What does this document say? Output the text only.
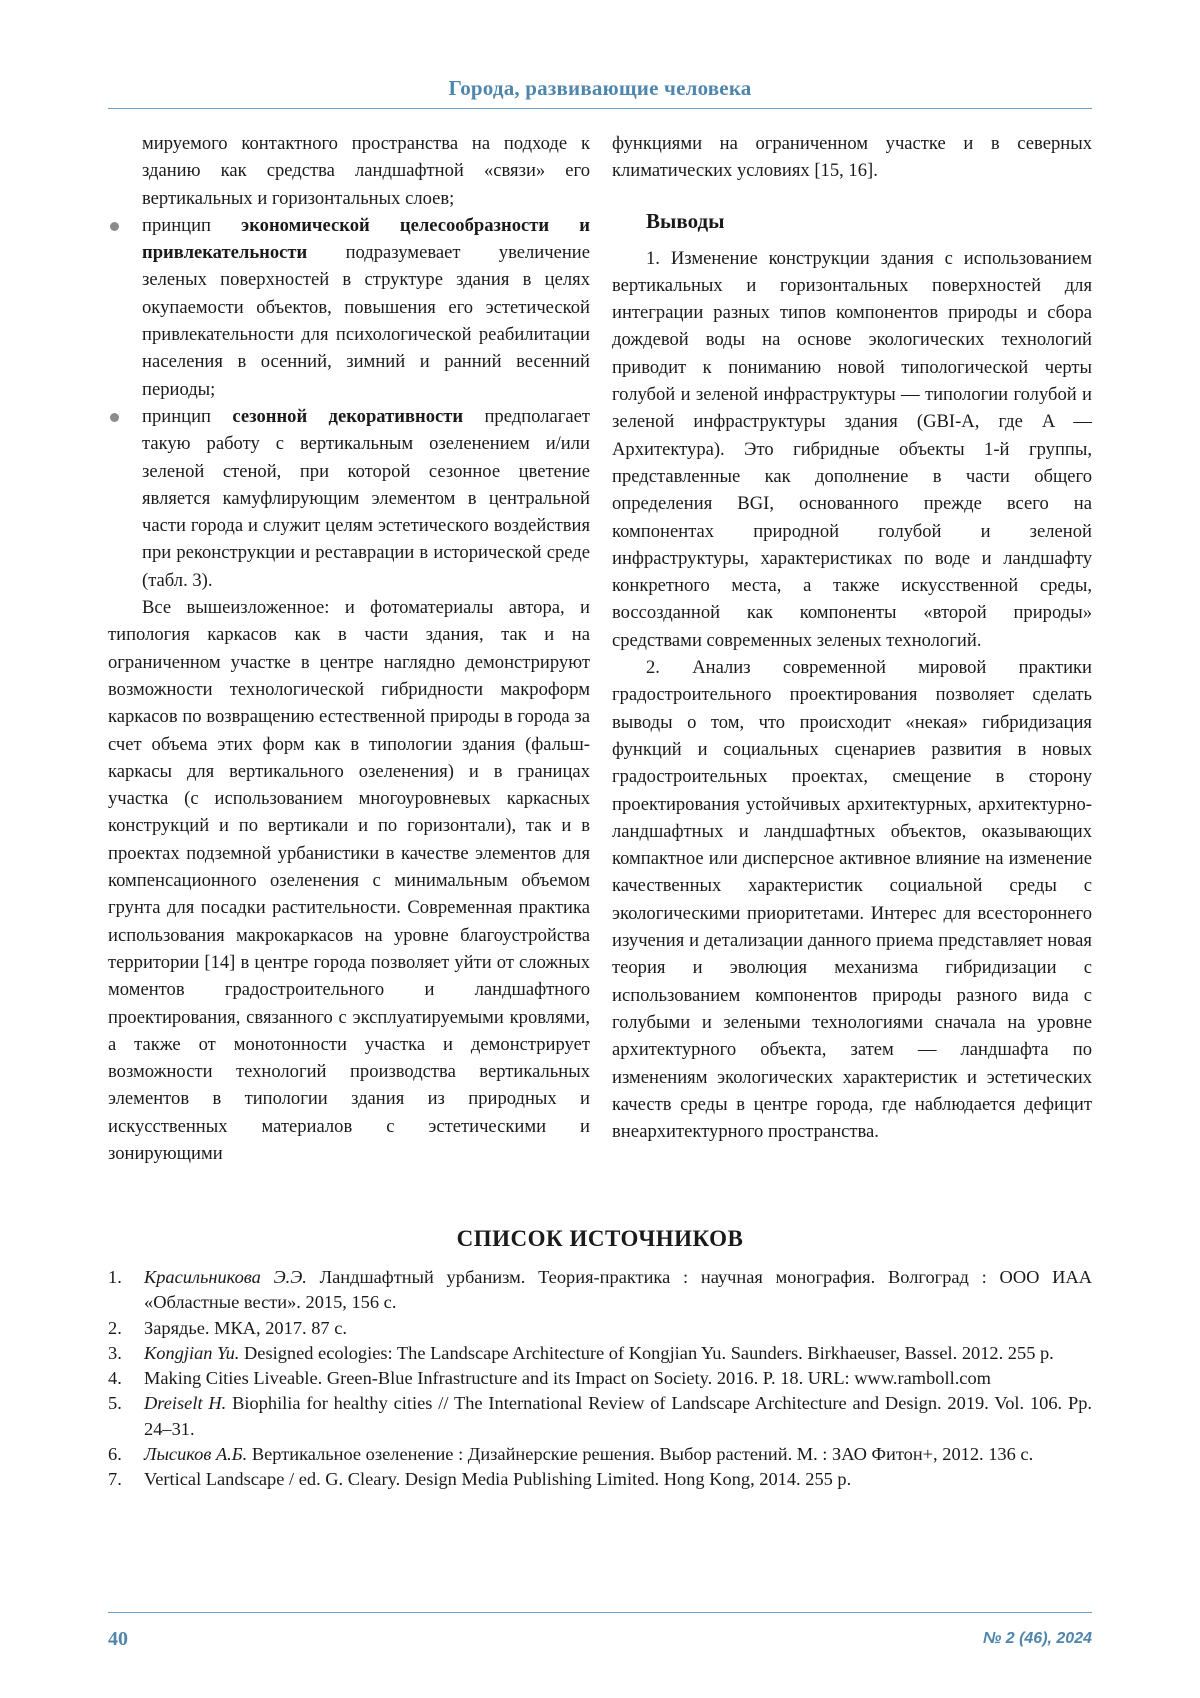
Города, развивающие человека

мируемого контактного пространства на подходе к зданию как средства ландшафтной «связи» его вертикальных и горизонтальных слоев;

принцип экономической целесообразности и привлекательности подразумевает увеличение зеленых поверхностей в структуре здания в целях окупаемости объектов, повышения его эстетической привлекательности для психологической реабилитации населения в осенний, зимний и ранний весенний периоды;

принцип сезонной декоративности предполагает такую работу с вертикальным озеленением и/или зеленой стеной, при которой сезонное цветение является камуфлирующим элементом в центральной части города и служит целям эстетического воздействия при реконструкции и реставрации в исторической среде (табл. 3).

Все вышеизложенное: и фотоматериалы автора, и типология каркасов как в части здания, так и на ограниченном участке в центре наглядно демонстрируют возможности технологической гибридности макроформ каркасов по возвращению естественной природы в города за счет объема этих форм как в типологии здания (фальш-каркасы для вертикального озеленения) и в границах участка (с использованием многоуровневых каркасных конструкций и по вертикали и по горизонтали), так и в проектах подземной урбанистики в качестве элементов для компенсационного озеленения с минимальным объемом грунта для посадки растительности. Современная практика использования макрокаркасов на уровне благоустройства территории [14] в центре города позволяет уйти от сложных моментов градостроительного и ландшафтного проектирования, связанного с эксплуатируемыми кровлями, а также от монотонности участка и демонстрирует возможности технологий производства вертикальных элементов в типологии здания из природных и искусственных материалов с эстетическими и зонирующими

функциями на ограниченном участке и в северных климатических условиях [15, 16].

Выводы

1. Изменение конструкции здания с использованием вертикальных и горизонтальных поверхностей для интеграции разных типов компонентов природы и сбора дождевой воды на основе экологических технологий приводит к пониманию новой типологической черты голубой и зеленой инфраструктуры — типологии голубой и зеленой инфраструктуры здания (GBI-A, где A — Архитектура). Это гибридные объекты 1-й группы, представленные как дополнение в части общего определения BGI, основанного прежде всего на компонентах природной голубой и зеленой инфраструктуры, характеристиках по воде и ландшафту конкретного места, а также искусственной среды, воссозданной как компоненты «второй природы» средствами современных зеленых технологий.

2. Анализ современной мировой практики градостроительного проектирования позволяет сделать выводы о том, что происходит «некая» гибридизация функций и социальных сценариев развития в новых градостроительных проектах, смещение в сторону проектирования устойчивых архитектурных, архитектурно-ландшафтных и ландшафтных объектов, оказывающих компактное или дисперсное активное влияние на изменение качественных характеристик социальной среды с экологическими приоритетами. Интерес для всестороннего изучения и детализации данного приема представляет новая теория и эволюция механизма гибридизации с использованием компонентов природы разного вида с голубыми и зелеными технологиями сначала на уровне архитектурного объекта, затем — ландшафта по изменениям экологических характеристик и эстетических качеств среды в центре города, где наблюдается дефицит внеархитектурного пространства.

СПИСОК ИСТОЧНИКОВ
1. Красильникова Э.Э. Ландшафтный урбанизм. Теория-практика : научная монография. Волгоград : ООО ИАА «Областные вести». 2015, 156 с.
2. Зарядье. МКА, 2017. 87 с.
3. Kongjian Yu. Designed ecologies: The Landscape Architecture of Kongjian Yu. Saunders. Birkhaeuser, Bassel. 2012. 255 p.
4. Making Cities Liveable. Green-Blue Infrastructure and its Impact on Society. 2016. P. 18. URL: www.ramboll.com
5. Dreiselt H. Biophilia for healthy cities // The International Review of Landscape Architecture and Design. 2019. Vol. 106. Pp. 24–31.
6. Лысиков А.Б. Вертикальное озеленение : Дизайнерские решения. Выбор растений. М. : ЗАО Фитон+, 2012. 136 с.
7. Vertical Landscape / ed. G. Cleary. Design Media Publishing Limited. Hong Kong, 2014. 255 p.
40	№ 2 (46), 2024
